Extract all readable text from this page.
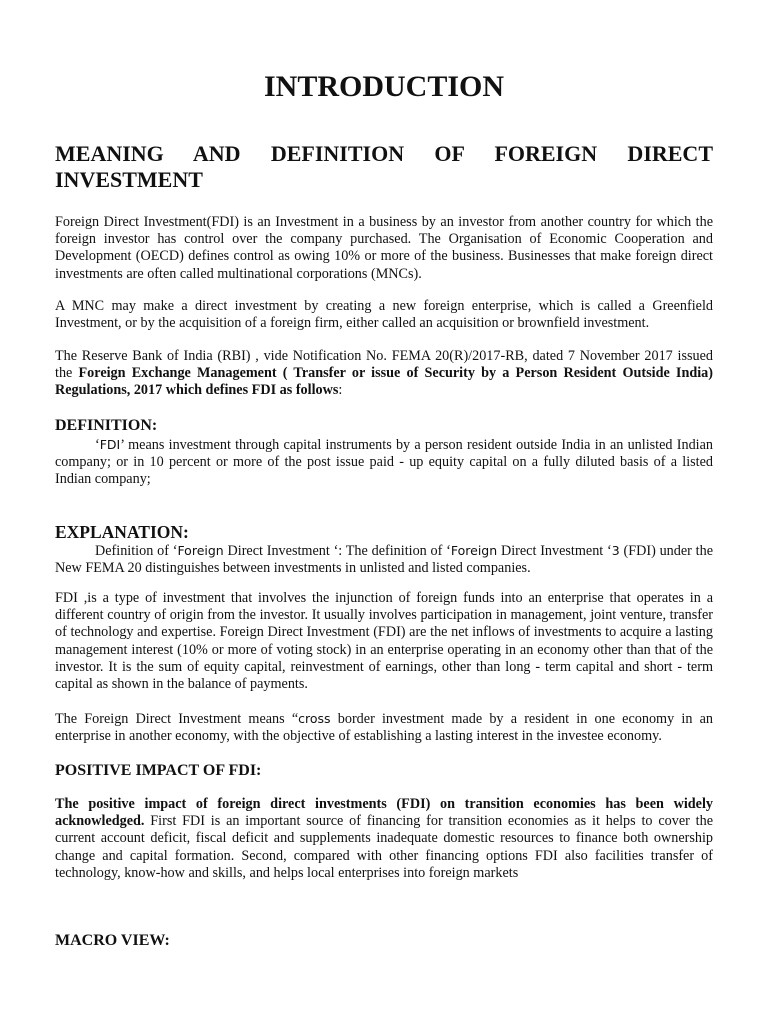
INTRODUCTION
MEANING AND DEFINITION OF FOREIGN DIRECT INVESTMENT

Foreign Direct Investment(FDI) is an Investment in a business by an investor from another country for which the foreign investor has control over the company purchased. The Organisation of Economic Cooperation and Development (OECD) defines control as owing 10% or more of the business. Businesses that make foreign direct investments are often called multinational corporations (MNCs).

A MNC may make a direct investment by creating a new foreign enterprise, which is called a Greenfield Investment, or by the acquisition of a foreign firm, either called an acquisition or brownfield investment.

The Reserve Bank of India (RBI) , vide Notification No. FEMA 20(R)/2017-RB, dated 7 November 2017 issued the Foreign Exchange Management ( Transfer or issue of Security by a Person Resident Outside India) Regulations, 2017 which defines FDI as follows:

DEFINITION:

‘FDI’ means investment through capital instruments by a person resident outside India in an unlisted Indian company; or in 10 percent or more of the post issue paid - up equity capital on a fully diluted basis of a listed Indian company;

EXPLANATION:

Definition of ‘Foreign Direct Investment ‘: The definition of ‘Foreign Direct Investment ‘3 (FDI) under the New FEMA 20 distinguishes between investments in unlisted and listed companies.

FDI ,is a type of investment that involves the injunction of foreign funds into an enterprise that operates in a different country of origin from the investor. It usually involves participation in management, joint venture, transfer of technology and expertise. Foreign Direct Investment (FDI) are the net inflows of investments to acquire a lasting management interest (10% or more of voting stock) in an enterprise operating in an economy other than that of the investor. It is the sum of equity capital, reinvestment of earnings, other than long - term capital and short - term capital as shown in the balance of payments.

The Foreign Direct Investment means “cross border investment made by a resident in one economy in an enterprise in another economy, with the objective of establishing a lasting interest in the investee economy.

POSITIVE IMPACT OF FDI:

The positive impact of foreign direct investments (FDI) on transition economies has been widely acknowledged. First FDI is an important source of financing for transition economies as it helps to cover the current account deficit, fiscal deficit and supplements inadequate domestic resources to finance both ownership change and capital formation. Second, compared with other financing options FDI also facilities transfer of technology, know-how and skills, and helps local enterprises into foreign markets

MACRO VIEW:
